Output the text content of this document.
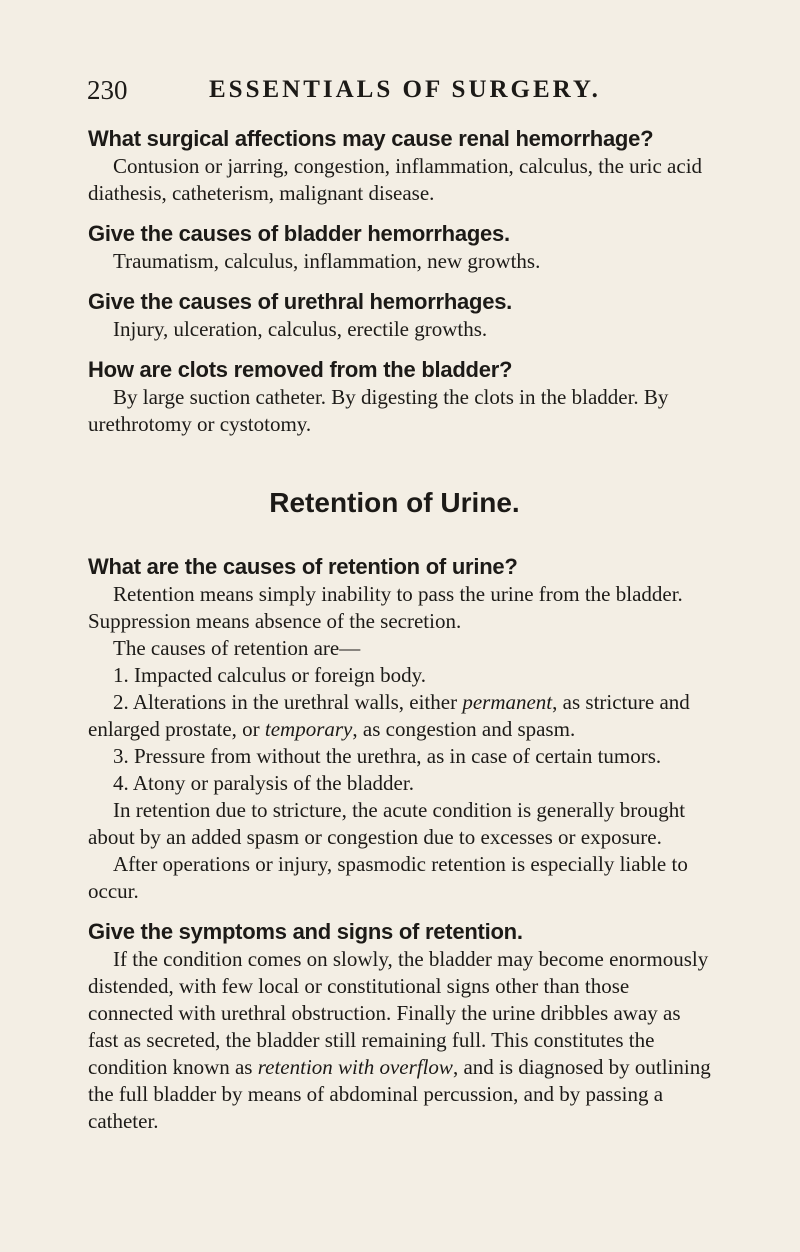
230	ESSENTIALS OF SURGERY.

What surgical affections may cause renal hemorrhage?

Contusion or jarring, congestion, inflammation, calculus, the uric acid diathesis, catheterism, malignant disease.

Give the causes of bladder hemorrhages.

Traumatism, calculus, inflammation, new growths.

Give the causes of urethral hemorrhages.

Injury, ulceration, calculus, erectile growths.

How are clots removed from the bladder?

By large suction catheter. By digesting the clots in the bladder. By urethrotomy or cystotomy.

Retention of Urine.

What are the causes of retention of urine?

Retention means simply inability to pass the urine from the bladder. Suppression means absence of the secretion.

The causes of retention are—

1. Impacted calculus or foreign body.

2. Alterations in the urethral walls, either permanent, as stricture and enlarged prostate, or temporary, as congestion and spasm.

3. Pressure from without the urethra, as in case of certain tumors.

4. Atony or paralysis of the bladder.

In retention due to stricture, the acute condition is generally brought about by an added spasm or congestion due to excesses or exposure.

After operations or injury, spasmodic retention is especially liable to occur.

Give the symptoms and signs of retention.

If the condition comes on slowly, the bladder may become enormously distended, with few local or constitutional signs other than those connected with urethral obstruction. Finally the urine dribbles away as fast as secreted, the bladder still remaining full. This constitutes the condition known as retention with overflow, and is diagnosed by outlining the full bladder by means of abdominal percussion, and by passing a catheter.
